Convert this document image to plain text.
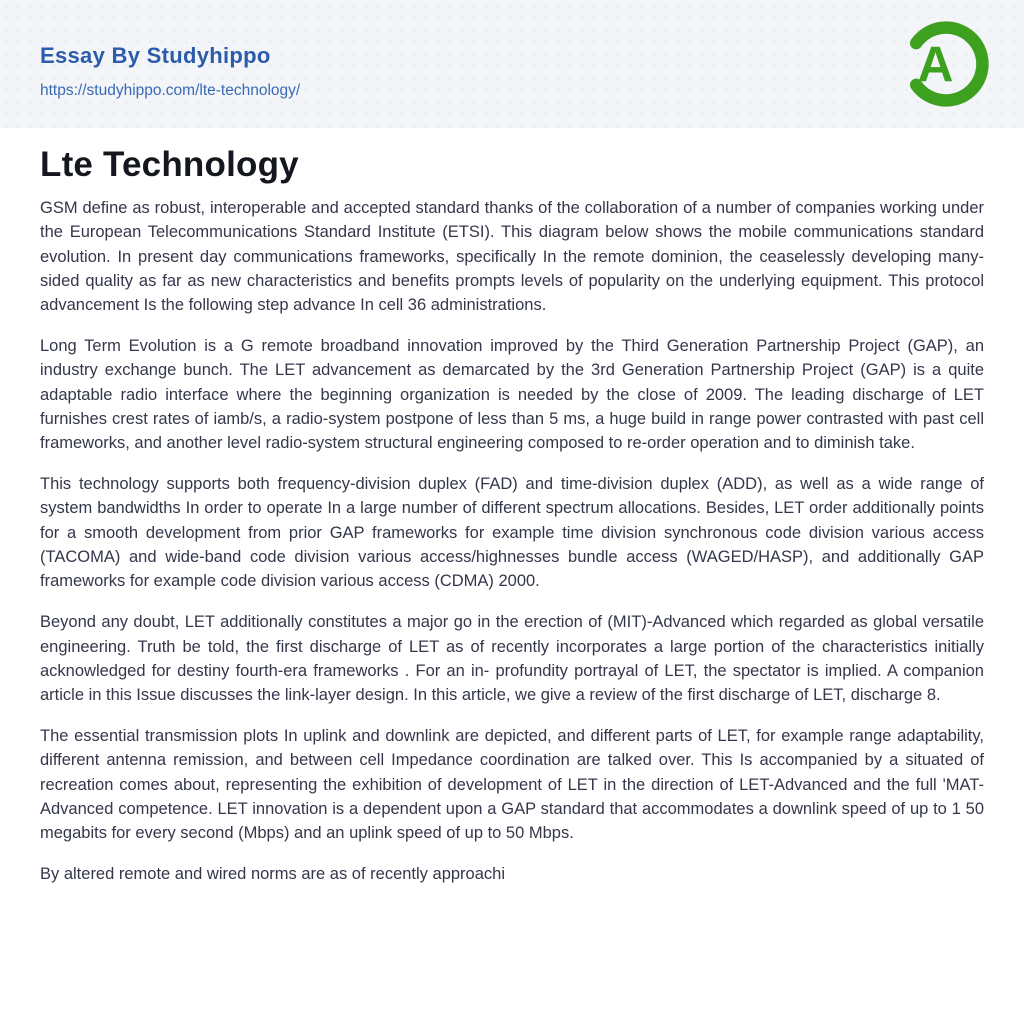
Essay By Studyhippo
https://studyhippo.com/lte-technology/	A
Lte Technology

GSM define as robust, interoperable and accepted standard thanks of the collaboration of a number of companies working under the European Telecommunications Standard Institute (ETSI). This diagram below shows the mobile communications standard evolution. In present day communications frameworks, specifically In the remote dominion, the ceaselessly developing many-sided quality as far as new characteristics and benefits prompts levels of popularity on the underlying equipment. This protocol advancement Is the following step advance In cell 36 administrations.

Long Term Evolution is a G remote broadband innovation improved by the Third Generation Partnership Project (GAP), an industry exchange bunch. The LET advancement as demarcated by the 3rd Generation Partnership Project (GAP) is a quite adaptable radio interface where the beginning organization is needed by the close of 2009. The leading discharge of LET furnishes crest rates of iamb/s, a radio-system postpone of less than 5 ms, a huge build in range power contrasted with past cell frameworks, and another level radio-system structural engineering composed to re-order operation and to diminish take.

This technology supports both frequency-division duplex (FAD) and time-division duplex (ADD), as well as a wide range of system bandwidths In order to operate In a large number of different spectrum allocations. Besides, LET order additionally points for a smooth development from prior GAP frameworks for example time division synchronous code division various access (TACOMA) and wide-band code division various access/highnesses bundle access (WAGED/HASP), and additionally GAP frameworks for example code division various access (CDMA) 2000.

Beyond any doubt, LET additionally constitutes a major go in the erection of (MIT)-Advanced which regarded as global versatile engineering. Truth be told, the first discharge of LET as of recently incorporates a large portion of the characteristics initially acknowledged for destiny fourth-era frameworks . For an in- profundity portrayal of LET, the spectator is implied. A companion article in this Issue discusses the link-layer design. In this article, we give a review of the first discharge of LET, discharge 8.

The essential transmission plots In uplink and downlink are depicted, and different parts of LET, for example range adaptability, different antenna remission, and between cell Impedance coordination are talked over. This Is accompanied by a situated of recreation comes about, representing the exhibition of development of LET in the direction of LET-Advanced and the full 'MAT-Advanced competence. LET innovation is a dependent upon a GAP standard that accommodates a downlink speed of up to 1 50 megabits for every second (Mbps) and an uplink speed of up to 50 Mbps.

By altered remote and wired norms are as of recently approachi
